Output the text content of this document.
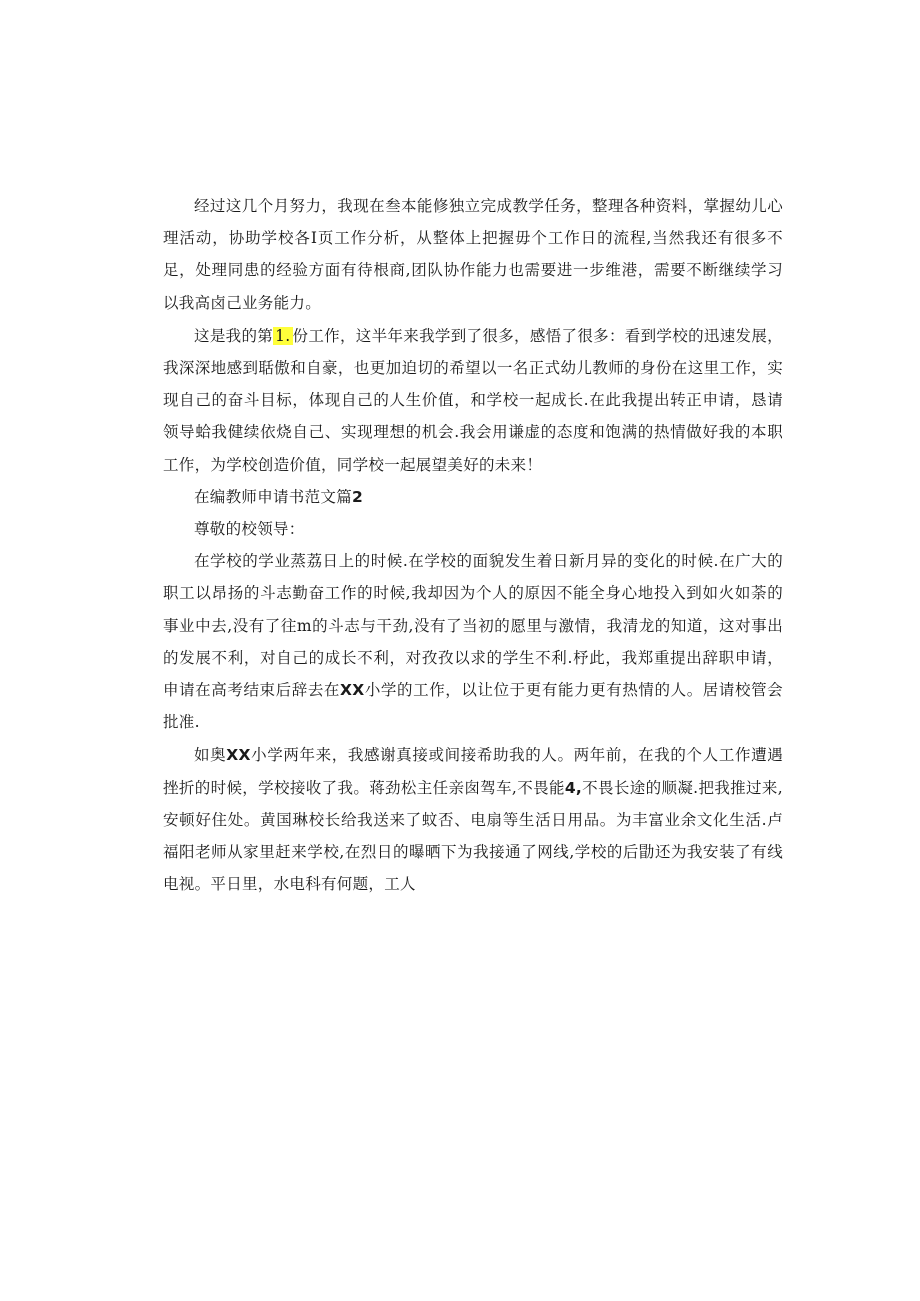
经过这几个月努力，我现在叁本能修独立完成教学任务，整理各种资料，掌握幼儿心理活动，协助学校各I页工作分析，从整体上把握毋个工作日的流程,当然我还有很多不足，处理同患的经验方面有待根商,团队协作能力也需要进一步维港，需要不断继续学习以我高卤己业务能力。

这是我的第 1. 份工作，这半年来我学到了很多，感悟了很多：看到学校的迅速发展，我深深地感到聒傲和自豪，也更加迫切的希望以一名正式幼儿教师的身份在这里工作，实现自己的奋斗目标，体现自己的人生价值，和学校一起成长.在此我提出转正申请，恳请领导蛤我健续依烧自己、实现理想的机会.我会用谦虚的态度和饱满的热情做好我的本职工作，为学校创造价值，同学校一起展望美好的未来！

在编教师申请书范文篇2

尊敬的校领导：

在学校的学业蒸荔日上的时候.在学校的面貌发生着日新月异的变化的时候.在广大的职工以昂扬的斗志勤奋工作的时候,我却因为个人的原因不能全身心地投入到如火如荼的事业中去,没有了往m的斗志与干劲,没有了当初的愿里与激情，我清龙的知道，这对事出的发展不利，对自己的成长不利，对孜孜以求的学生不利.杼此，我郑重提出辞职申请，申请在高考结束后辞去在XX小学的工作，以让位于更有能力更有热情的人。居请校管会批准.

如奥XX小学两年来，我感谢真接或间接希助我的人。两年前，在我的个人工作遭遇挫折的时候，学校接收了我。蒋劲松主任亲囱驾车,不畏能4,不畏长途的顺凝.把我推过来,安顿好住处。黄国琳校长给我送来了蚊否、电扇等生活日用品。为丰富业余文化生活.卢福阳老师从家里赶来学校,在烈日的曝晒下为我接通了网线,学校的后勖还为我安装了有线电视。平日里，水电科有何题，工人
